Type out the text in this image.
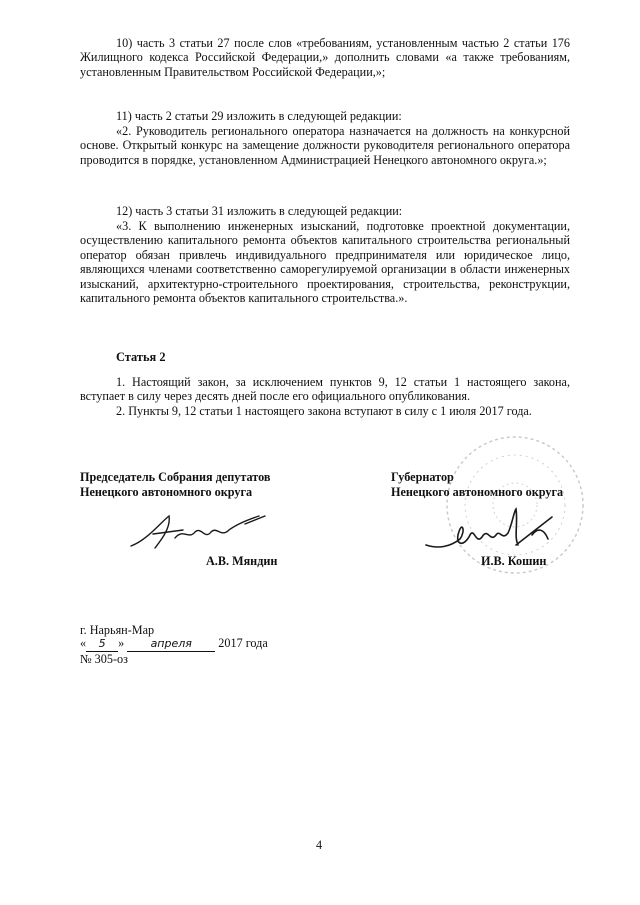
10) часть 3 статьи 27 после слов «требованиям, установленным частью 2 статьи 176 Жилищного кодекса Российской Федерации,» дополнить словами «а также требованиям, установленным Правительством Российской Федерации,»;

11) часть 2 статьи 29 изложить в следующей редакции:

«2. Руководитель регионального оператора назначается на должность на конкурсной основе. Открытый конкурс на замещение должности руководителя регионального оператора проводится в порядке, установленном Администрацией Ненецкого автономного округа.»;

12) часть 3 статьи 31 изложить в следующей редакции:

«3. К выполнению инженерных изысканий, подготовке проектной документации, осуществлению капитального ремонта объектов капитального строительства региональный оператор обязан привлечь индивидуального предпринимателя или юридическое лицо, являющихся членами соответственно саморегулируемой организации в области инженерных изысканий, архитектурно-строительного проектирования, строительства, реконструкции, капитального ремонта объектов капитального строительства.».

Статья 2

1. Настоящий закон, за исключением пунктов 9, 12 статьи 1 настоящего закона, вступает в силу через десять дней после его официального опубликования.

2. Пункты 9, 12 статьи 1 настоящего закона вступают в силу с 1 июля 2017 года.

Председатель Собрания депутатов
Ненецкого автономного округа
А.В. Мяндин
Губернатор
Ненецкого автономного округа
И.В. Кошин
г. Нарьян-Мар
« 5 » апреля 2017 года
№ 305-оз
4
